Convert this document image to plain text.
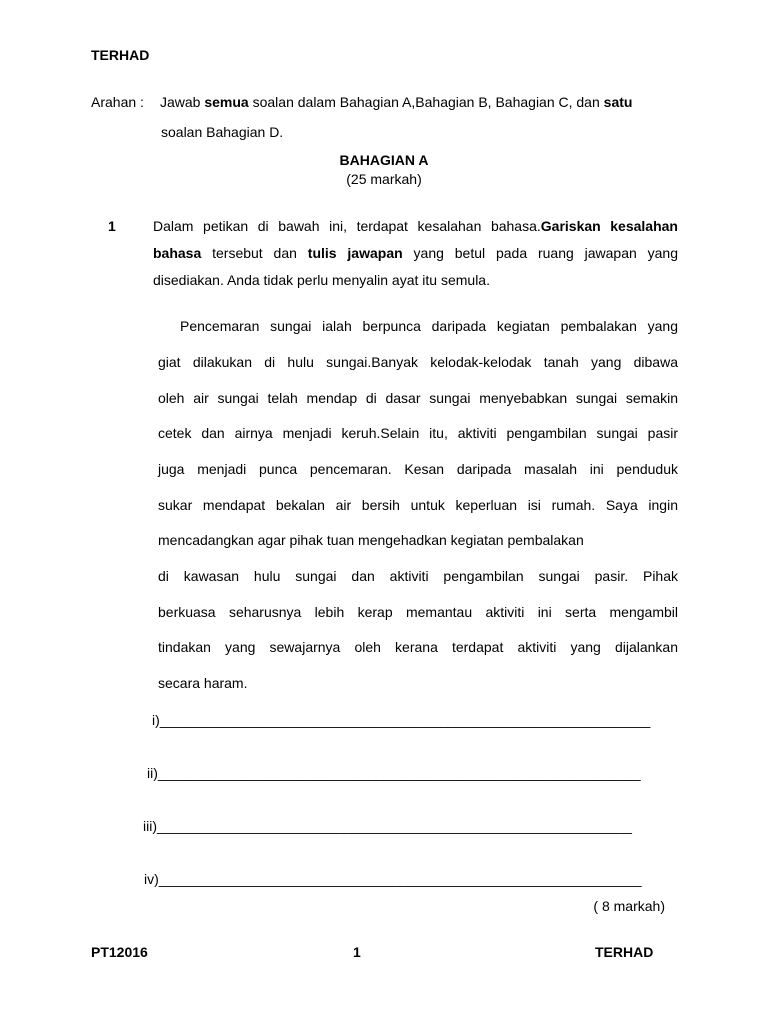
TERHAD
Arahan : Jawab semua soalan dalam Bahagian A,Bahagian B, Bahagian C, dan satu
soalan Bahagian D.
BAHAGIAN A
(25 markah)
1	Dalam petikan di bawah ini, terdapat kesalahan bahasa.Gariskan kesalahan
bahasa tersebut dan tulis jawapan yang betul pada ruang jawapan yang
disediakan. Anda tidak perlu menyalin ayat itu semula.
Pencemaran sungai ialah berpunca daripada kegiatan pembalakan yang
giat dilakukan di hulu sungai.Banyak kelodak-kelodak tanah yang dibawa
oleh air sungai telah mendap di dasar sungai menyebabkan sungai semakin
cetek dan airnya menjadi keruh.Selain itu, aktiviti pengambilan sungai pasir
juga menjadi punca pencemaran. Kesan daripada masalah ini penduduk
sukar mendapat bekalan air bersih untuk keperluan isi rumah. Saya ingin
mencadangkan agar pihak tuan mengehadkan kegiatan pembalakan
di kawasan hulu sungai dan aktiviti pengambilan sungai pasir. Pihak
berkuasa seharusnya lebih kerap memantau aktiviti ini serta mengambil
tindakan yang sewajarnya oleh kerana terdapat aktiviti yang dijalankan
secara haram.
i)_______________________________________________________________
ii)______________________________________________________________
iii)_____________________________________________________________
iv)______________________________________________________________
( 8 markah)
PT12016	1	TERHAD
